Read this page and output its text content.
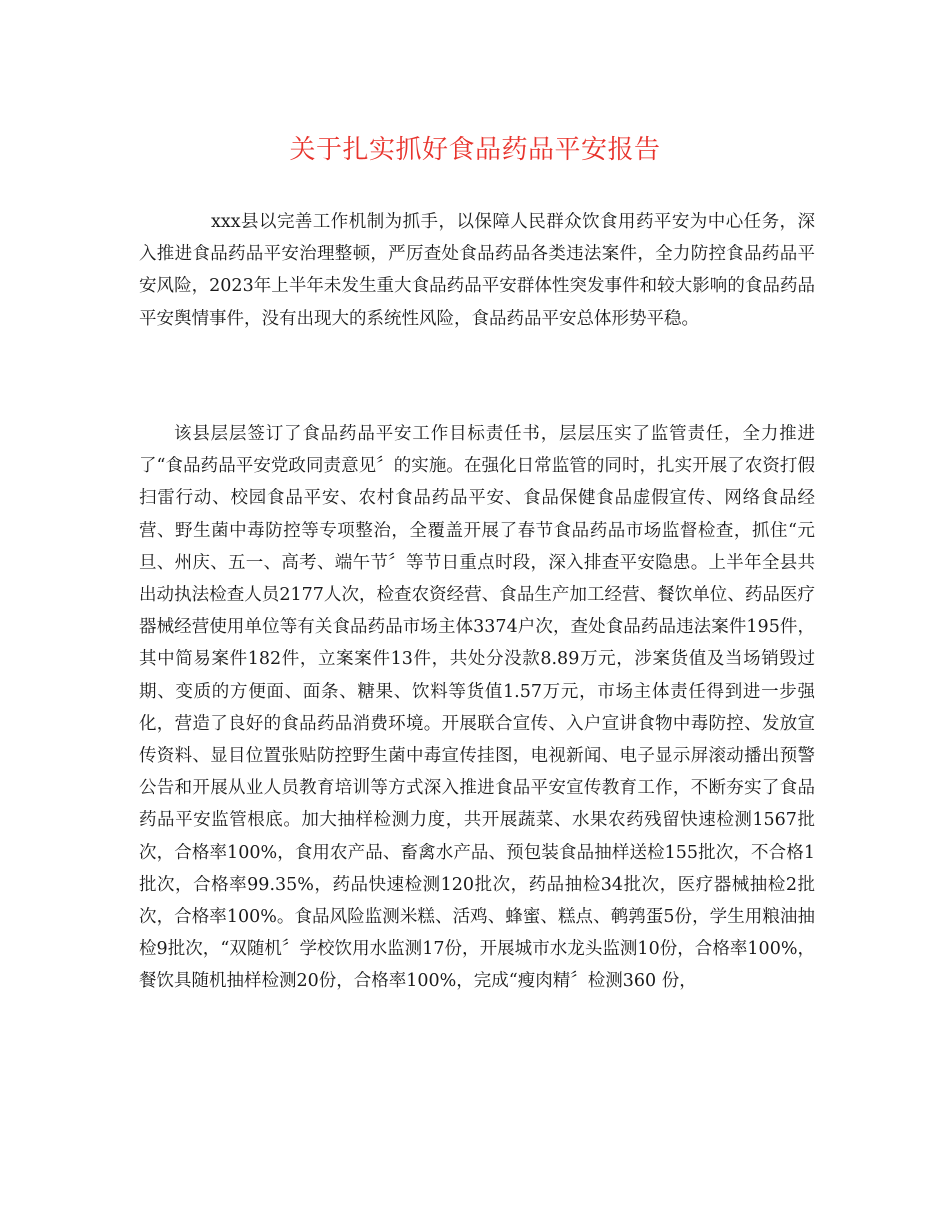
关于扎实抓好食品药品平安报告

xxx县以完善工作机制为抓手，以保障人民群众饮食用药平安为中心任务，深入推进食品药品平安治理整顿，严厉查处食品药品各类违法案件，全力防控食品药品平安风险，2023年上半年未发生重大食品药品平安群体性突发事件和较大影响的食品药品平安舆情事件，没有出现大的系统性风险，食品药品平安总体形势平稳。

该县层层签订了食品药品平安工作目标责任书，层层压实了监管责任，全力推进了“食品药品平安党政同责意见〞的实施。在强化日常监管的同时，扎实开展了农资打假扫雷行动、校园食品平安、农村食品药品平安、食品保健食品虚假宣传、网络食品经营、野生菌中毒防控等专项整治，全覆盖开展了春节食品药品市场监督检查，抓住“元旦、州庆、五一、高考、端午节〞等节日重点时段，深入排查平安隐患。上半年全县共出动执法检查人员2177人次，检查农资经营、食品生产加工经营、餐饮单位、药品医疗器械经营使用单位等有关食品药品市场主体3374户次，查处食品药品违法案件195件，其中简易案件182件，立案案件13件，共处分没款8.89万元，涉案货值及当场销毁过期、变质的方便面、面条、糖果、饮料等货值1.57万元，市场主体责任得到进一步强化，营造了良好的食品药品消费环境。开展联合宣传、入户宣讲食物中毒防控、发放宣传资料、显目位置张贴防控野生菌中毒宣传挂图，电视新闻、电子显示屏滚动播出预警公告和开展从业人员教育培训等方式深入推进食品平安宣传教育工作，不断夯实了食品药品平安监管根底。加大抽样检测力度，共开展蔬菜、水果农药残留快速检测1567批次，合格率100%，食用农产品、畜禽水产品、预包装食品抽样送检155批次，不合格1批次，合格率99.35%，药品快速检测120批次，药品抽检34批次，医疗器械抽检2批次，合格率100%。食品风险监测米糕、活鸡、蜂蜜、糕点、鹌鹑蛋5份，学生用粮油抽检9批次，“双随机〞学校饮用水监测17份，开展城市水龙头监测10份，合格率100%，餐饮具随机抽样检测20份，合格率100%，完成“瘦肉精〞检测360 份，
